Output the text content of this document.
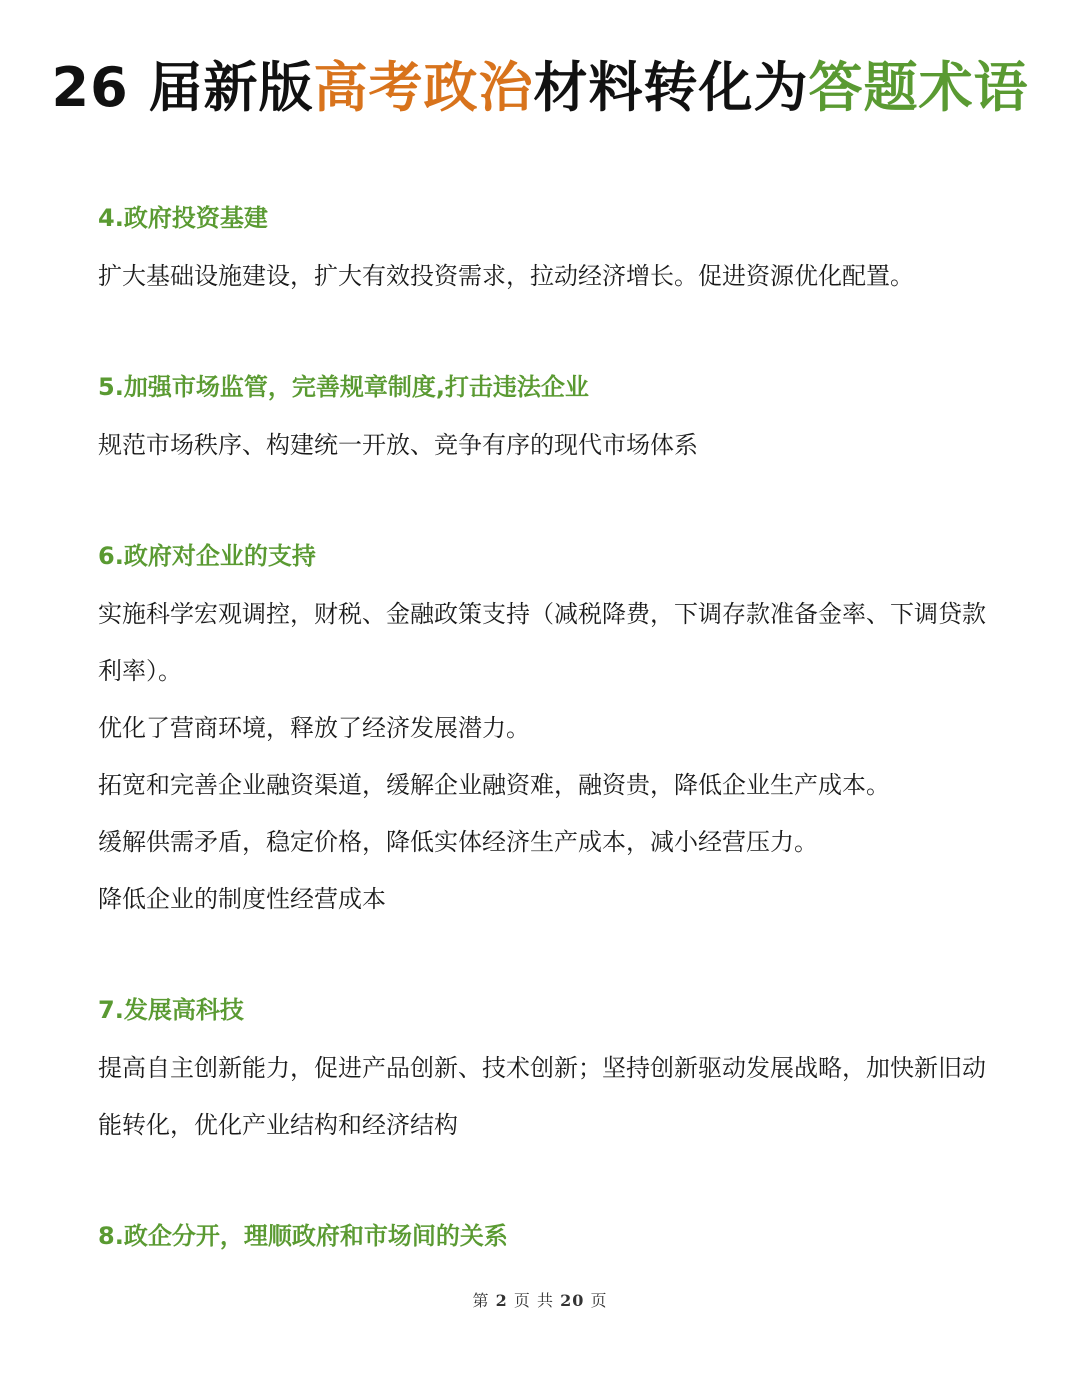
26 届新版高考政治材料转化为答题术语
4.政府投资基建

扩大基础设施建设，扩大有效投资需求，拉动经济增长。促进资源优化配置。

5.加强市场监管，完善规章制度,打击违法企业

规范市场秩序、构建统一开放、竞争有序的现代市场体系

6.政府对企业的支持

实施科学宏观调控，财税、金融政策支持（减税降费，下调存款准备金率、下调贷款利率）。

优化了营商环境，释放了经济发展潜力。

拓宽和完善企业融资渠道，缓解企业融资难，融资贵，降低企业生产成本。

缓解供需矛盾，稳定价格，降低实体经济生产成本，减小经营压力。

降低企业的制度性经营成本

7.发展高科技

提高自主创新能力，促进产品创新、技术创新；坚持创新驱动发展战略，加快新旧动能转化，优化产业结构和经济结构

8.政企分开，理顺政府和市场间的关系
第 2 页 共 20 页
